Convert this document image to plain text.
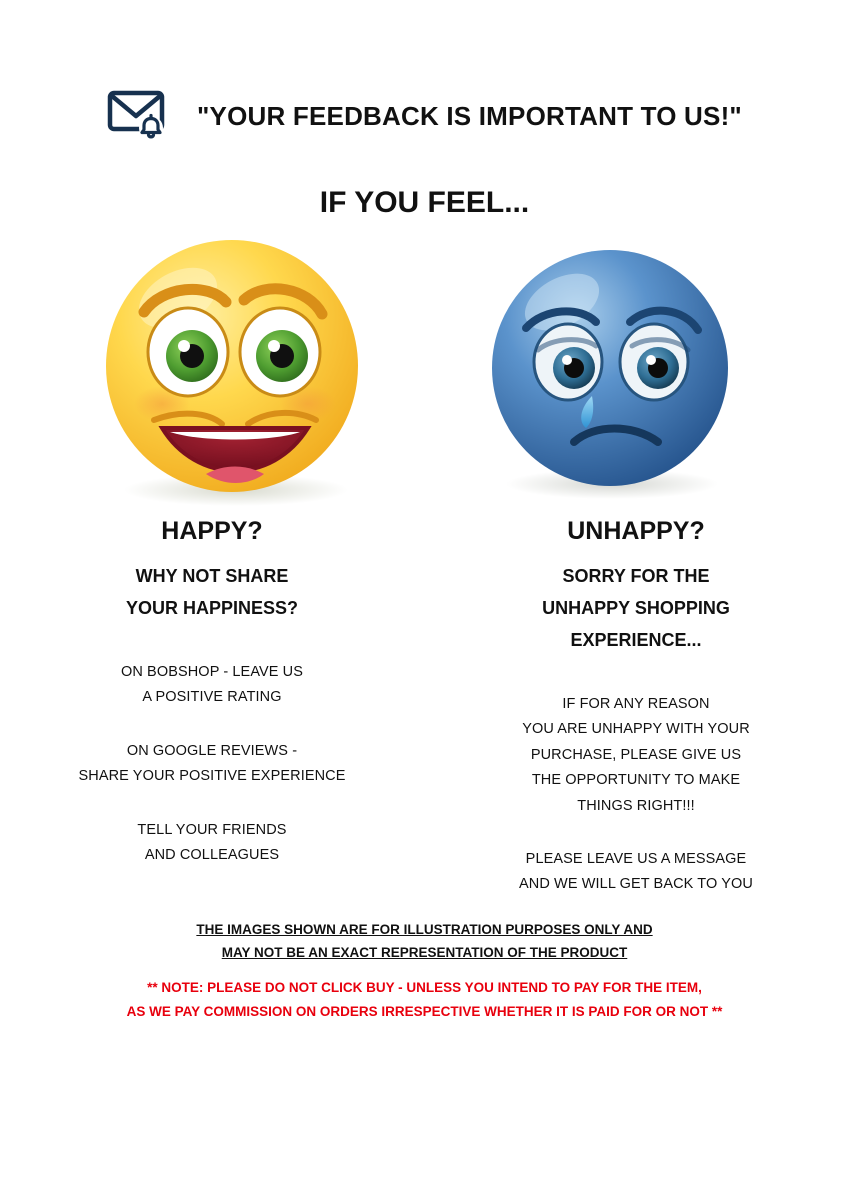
"YOUR FEEDBACK IS IMPORTANT TO US!"
IF YOU FEEL...
HAPPY?
WHY NOT SHARE
YOUR HAPPINESS?
ON BOBSHOP - LEAVE US
A POSITIVE RATING
ON GOOGLE REVIEWS -
SHARE YOUR POSITIVE EXPERIENCE
TELL YOUR FRIENDS
AND COLLEAGUES
UNHAPPY?
SORRY FOR THE
UNHAPPY SHOPPING
EXPERIENCE...
IF FOR ANY REASON
YOU ARE UNHAPPY WITH YOUR
PURCHASE, PLEASE GIVE US
THE OPPORTUNITY TO MAKE
THINGS RIGHT!!!
PLEASE LEAVE US A MESSAGE
AND WE WILL GET BACK TO YOU
THE IMAGES SHOWN ARE FOR ILLUSTRATION PURPOSES ONLY AND
MAY NOT BE AN EXACT REPRESENTATION OF THE PRODUCT
** NOTE: PLEASE DO NOT CLICK BUY - UNLESS YOU INTEND TO PAY FOR THE ITEM,
AS WE PAY COMMISSION ON ORDERS IRRESPECTIVE WHETHER IT IS PAID FOR OR NOT **
